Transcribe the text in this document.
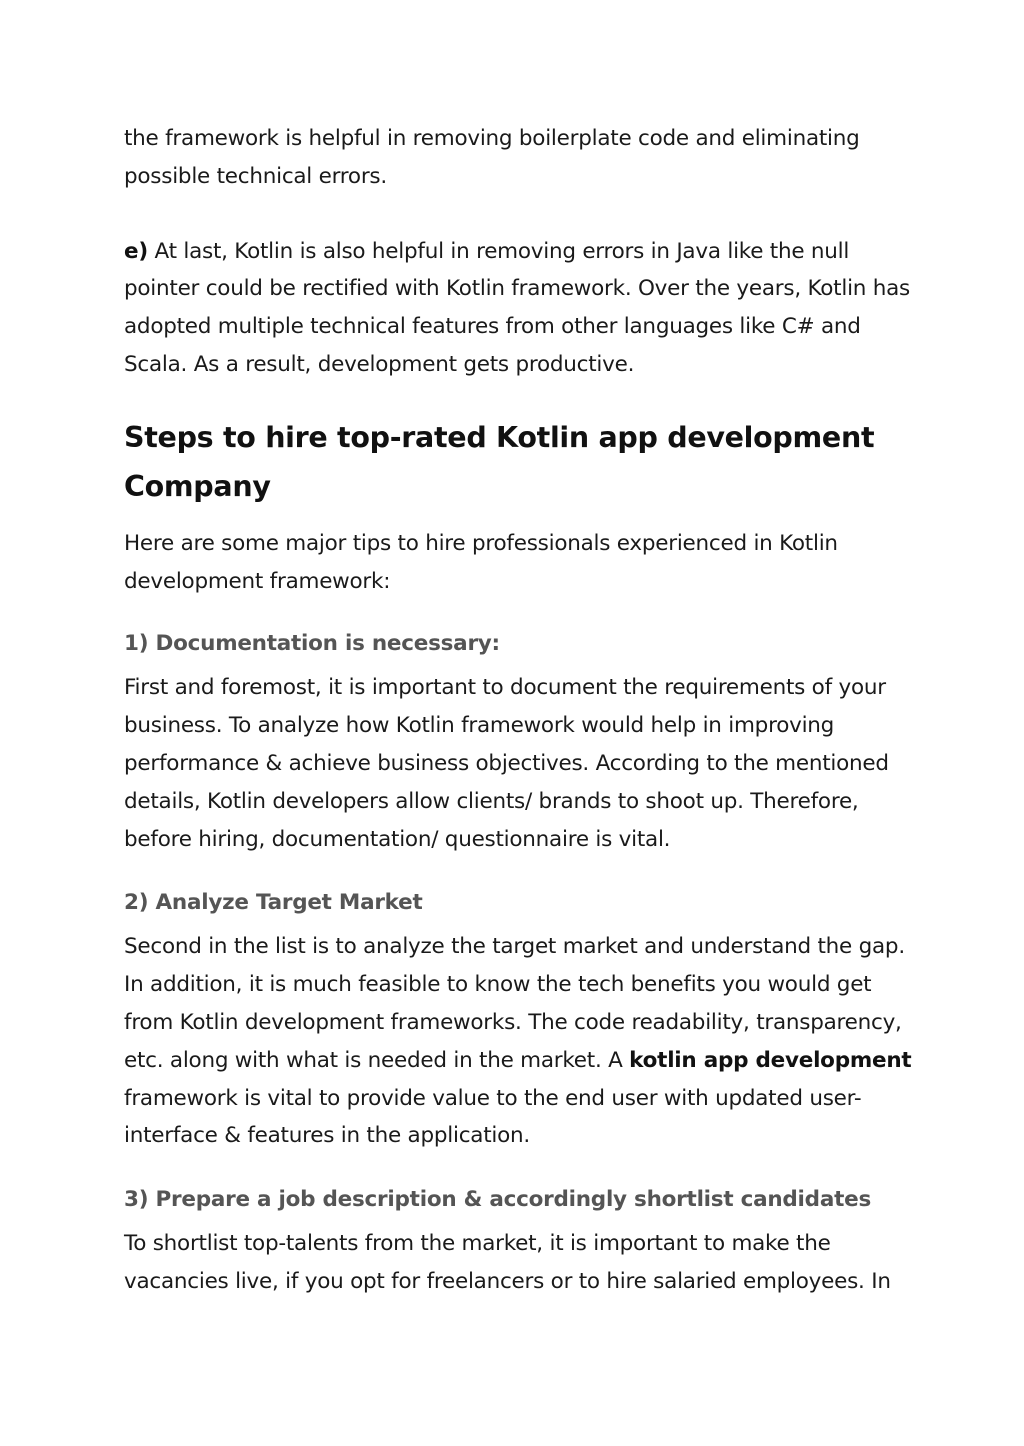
the framework is helpful in removing boilerplate code and eliminating possible technical errors.

e) At last, Kotlin is also helpful in removing errors in Java like the null pointer could be rectified with Kotlin framework. Over the years, Kotlin has adopted multiple technical features from other languages like C# and Scala. As a result, development gets productive.

Steps to hire top-rated Kotlin app development Company

Here are some major tips to hire professionals experienced in Kotlin development framework:

1) Documentation is necessary:

First and foremost, it is important to document the requirements of your business. To analyze how Kotlin framework would help in improving performance & achieve business objectives. According to the mentioned details, Kotlin developers allow clients/ brands to shoot up. Therefore, before hiring, documentation/ questionnaire is vital.

2) Analyze Target Market

Second in the list is to analyze the target market and understand the gap. In addition, it is much feasible to know the tech benefits you would get from Kotlin development frameworks. The code readability, transparency, etc. along with what is needed in the market. A kotlin app development framework is vital to provide value to the end user with updated user-interface & features in the application.

3) Prepare a job description & accordingly shortlist candidates

To shortlist top-talents from the market, it is important to make the vacancies live, if you opt for freelancers or to hire salaried employees. In
